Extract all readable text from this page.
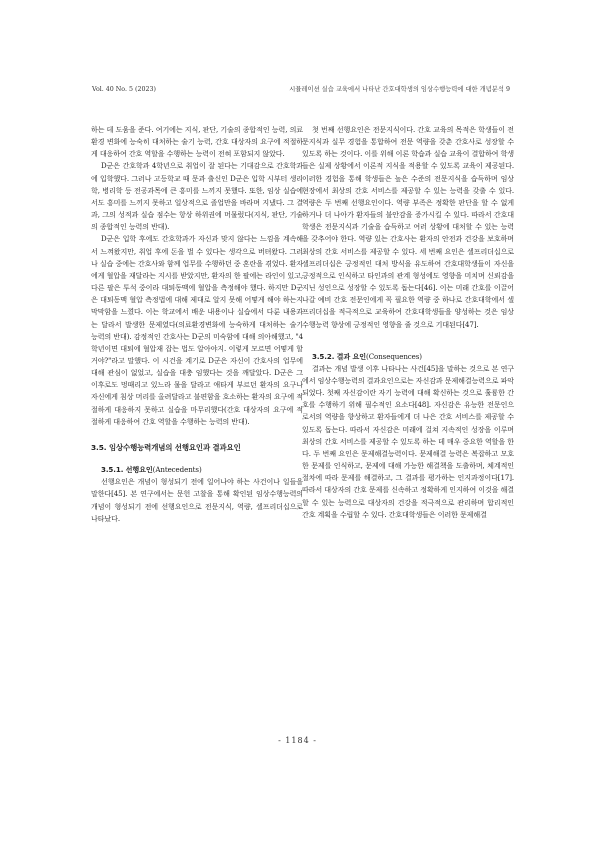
Vol. 40 No. 5 (2023)	시뮬레이션 실습 교육에서 나타난 간호대학생의 임상수행능력에 대한 개념분석 9

하는 데 도움을 준다. 여기에는 지식, 판단, 기술의 종합적인 능력, 의료 환경 변화에 능숙히 대처하는 술기 능력, 간호 대상자의 요구에 적절하게 대응하여 간호 역할을 수행하는 능력이 전혀 포함되지 않았다.

D군은 간호학과 4학년으로 취업이 잘 된다는 기대감으로 간호학과에 입학했다. 그러나 고등학교 때 문과 출신인 D군은 입학 시부터 생리학, 병리학 등 전공과목에 큰 흥미를 느끼지 못했다. 또한, 임상 실습에서도 흥미를 느끼지 못하고 일상적으로 졸업만을 바라며 지냈다. 그 결과, 그의 성적과 실습 점수는 항상 하위권에 머물렀다(지식, 판단, 기술의 종합적인 능력의 반대).

D군은 입학 후에도 간호학과가 자신과 맞지 않다는 느낌을 계속해서 느껴왔지만, 취업 후에 돈을 벌 수 있다는 생각으로 버텨왔다. 그러나 실습 중에는 간호사와 함께 업무를 수행하던 중 혼란을 겪었다. 환자에게 혈압을 재달라는 지시를 받았지만, 환자의 한 팔에는 라인이 있고, 다른 팔은 투석 중이라 대퇴동맥에 혈압을 측정해야 했다. 하지만 D군은 대퇴동맥 혈압 측정법에 대해 제대로 알지 못해 어떻게 해야 하는지 막막함을 느꼈다. 이는 학교에서 배운 내용이나 실습에서 다룬 내용과는 달라서 발생한 문제였다(의료환경변화에 능숙하게 대처하는 술기 능력의 반대). 감정적인 간호사는 D군의 미숙함에 대해 의아해했고, "4학년이면 대퇴에 혈압재 잡는 법도 알아야지. 이렇게 모르면 어떻게 할 거야?"라고 말했다. 이 시건을 계기로 D군은 자신이 간호사의 업무에 대해 관심이 없었고, 실습을 대충 임했다는 것을 깨달았다. D군은 그 이후로도 멍때리고 있느라 물을 달라고 애타게 부르던 환자의 요구나 자신에게 침상 머리를 올려달라고 불편함을 호소하는 환자의 요구에 적절하게 대응하지 못하고 실습을 마무리했다(간호 대상자의 요구에 적절하게 대응하여 간호 역할을 수행하는 능력의 반대).

3.5. 임상수행능력개념의 선행요인과 결과요인
3.5.1. 선행요인(Antecedents)

선행요인은 개념이 형성되기 전에 일어나야 하는 사건이나 일들을 말한다[45]. 본 연구에서는 문헌 고찰을 통해 확인된 임상수행능력의 개념이 형성되기 전에 선행요인으로 전문지식, 역량, 셀프리더십으로 나타났다.

첫 번째 선행요인은 전문지식이다. 간호 교육의 목적은 학생들이 전문지식과 실무 경험을 통합하여 전문 역량을 갖춘 간호사로 성장할 수 있도록 하는 것이다. 이를 위해 이론 학습과 실습 교육이 결합하여 학생들은 실제 상황에서 이론적 지식을 적용할 수 있도록 교육이 제공된다. 이러한 경험을 통해 학생들은 높은 수준의 전문지식을 습득하며 임상 현장에서 최상의 간호 서비스를 제공할 수 있는 능력을 갖출 수 있다. 역량은 두 번째 선행요인이다. 역량 부족은 정확한 판단을 할 수 없게 하거나 더 나아가 환자들의 불안감을 증가시킬 수 있다. 따라서 간호대학생은 전문지식과 기술을 습득하고 여러 상황에 대처할 수 있는 능력을 갖추어야 한다. 역량 있는 간호사는 환자의 안전과 건강을 보호하며 최상의 간호 서비스를 제공할 수 있다. 세 번째 요인은 셀프리더십으로 셀프리더십은 긍정적인 대처 방식을 유도하여 간호대학생들이 자신을 긍정적으로 인식하고 타인과의 관계 형성에도 영향을 미치며 신뢰감을 지닌 성인으로 성장할 수 있도록 돕는다[46]. 이는 미래 간호를 이끌어 나갈 예비 간호 전문인에게 꼭 필요한 역량 중 하나로 간호대학에서 셀프리더십을 적극적으로 교육하여 간호대학생들을 양성하는 것은 임상수행능력 향상에 긍정적인 영향을 줄 것으로 기대된다[47].

3.5.2. 결과 요인(Consequences)

결과는 개념 발생 이후 나타나는 사건[45]을 말하는 것으로 본 연구에서 임상수행능력의 결과요인으로는 자신감과 문제해결능력으로 파악되었다. 첫째 자신감이란 자기 능력에 대해 확신하는 것으로 훌륭한 간호를 수행하기 위해 필수적인 요소다[48]. 자신감은 유능한 전문인으로서의 역량을 향상하고 환자들에게 더 나은 간호 서비스를 제공할 수 있도록 돕는다. 따라서 자신감은 미래에 걸쳐 지속적인 성장을 이루며 최상의 간호 서비스를 제공할 수 있도록 하는 데 매우 중요한 역할을 한다. 두 번째 요인은 문제해결능력이다. 문제해결 능력은 복잡하고 모호한 문제를 인식하고, 문제에 대해 가능한 해결책을 도출하며, 체계적인 절차에 따라 문제를 해결하고, 그 결과를 평가하는 인지과정이다[17]. 따라서 대상자의 간호 문제를 신속하고 정확하게 인지하여 이것을 해결할 수 있는 능력으로 대상자의 건강을 적극적으로 관리하며 합리적인 간호 계획을 수립할 수 있다. 간호대학생들은 이러한 문제해결

- 1184 -
